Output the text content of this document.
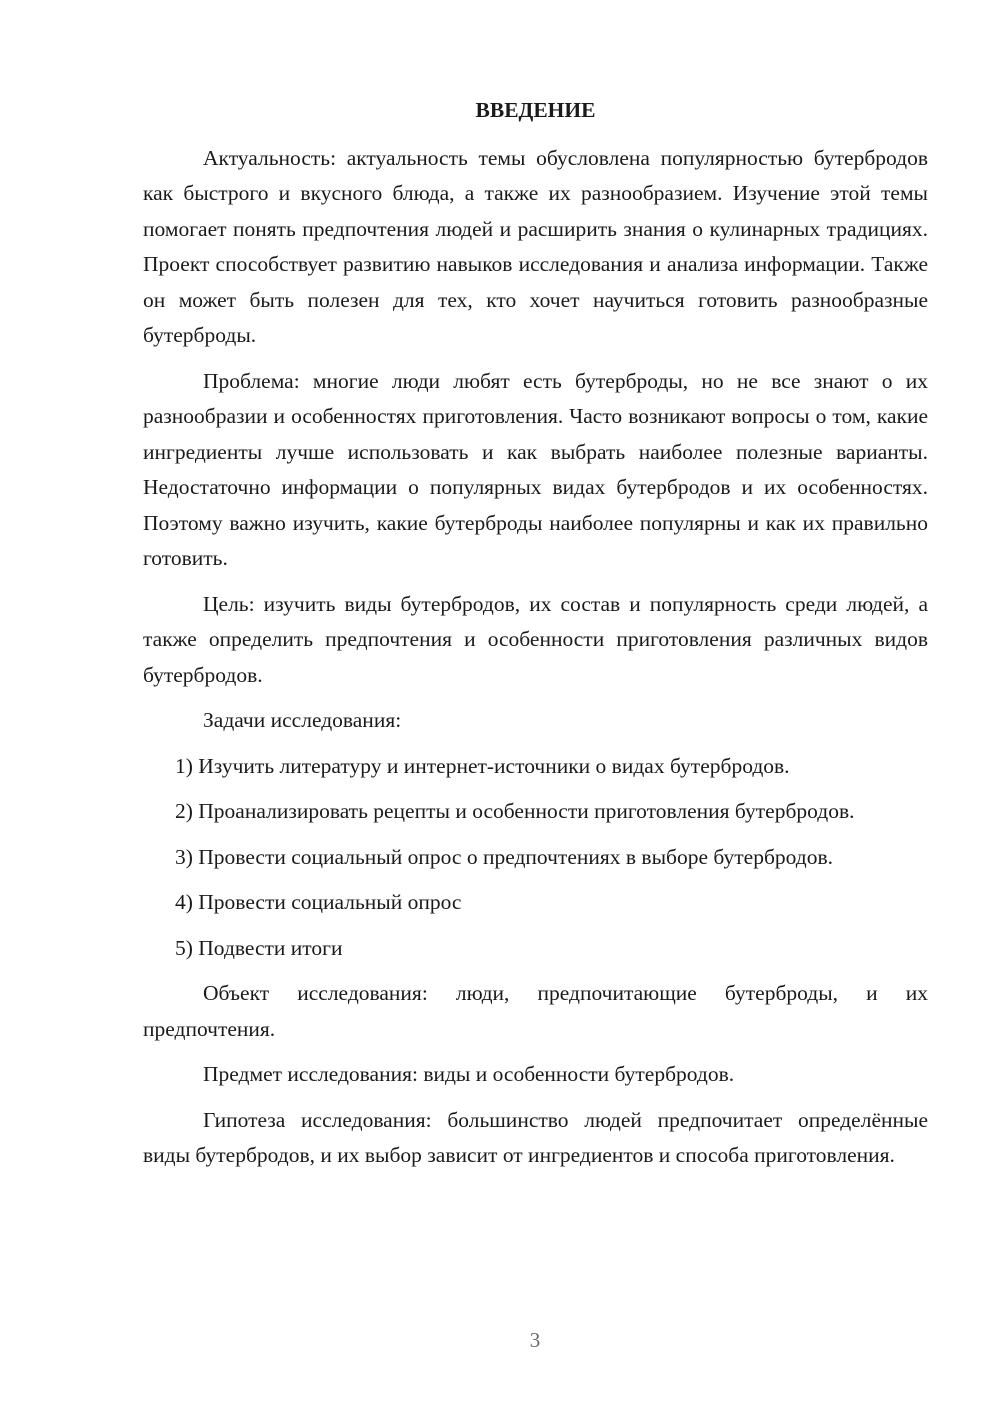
ВВЕДЕНИЕ

Актуальность: актуальность темы обусловлена популярностью бутербродов как быстрого и вкусного блюда, а также их разнообразием. Изучение этой темы помогает понять предпочтения людей и расширить знания о кулинарных традициях. Проект способствует развитию навыков исследования и анализа информации. Также он может быть полезен для тех, кто хочет научиться готовить разнообразные бутерброды.

Проблема: многие люди любят есть бутерброды, но не все знают о их разнообразии и особенностях приготовления. Часто возникают вопросы о том, какие ингредиенты лучше использовать и как выбрать наиболее полезные варианты. Недостаточно информации о популярных видах бутербродов и их особенностях. Поэтому важно изучить, какие бутерброды наиболее популярны и как их правильно готовить.

Цель: изучить виды бутербродов, их состав и популярность среди людей, а также определить предпочтения и особенности приготовления различных видов бутербродов.

Задачи исследования:

1) Изучить литературу и интернет-источники о видах бутербродов.

2) Проанализировать рецепты и особенности приготовления бутербродов.

3) Провести социальный опрос о предпочтениях в выборе бутербродов.

4) Провести социальный опрос

5) Подвести итоги

Объект исследования: люди, предпочитающие бутерброды, и их предпочтения.

Предмет исследования: виды и особенности бутербродов.

Гипотеза исследования: большинство людей предпочитает определённые виды бутербродов, и их выбор зависит от ингредиентов и способа приготовления.

3
